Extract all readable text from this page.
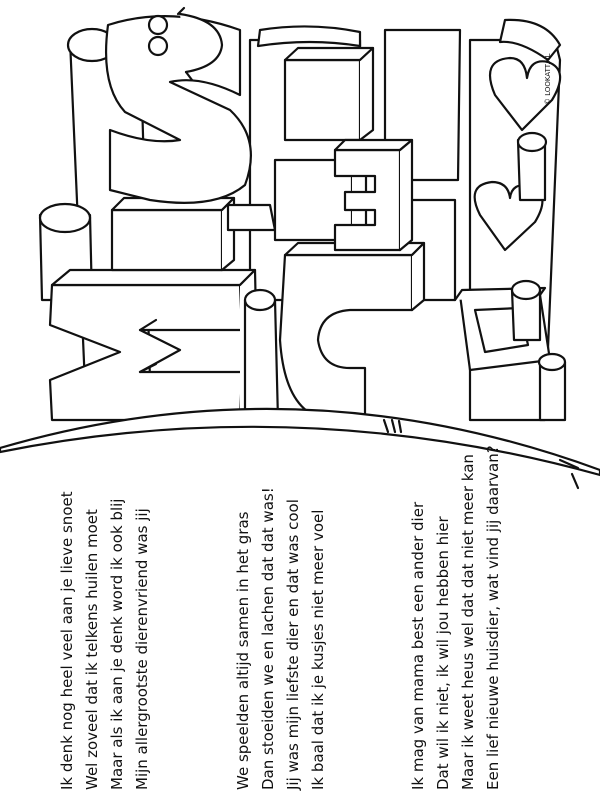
© LOOKATT.NL
Ik denk nog heel veel aan je lieve snoet Wel zoveel dat ik telkens huilen moet Maar als ik aan je denk word ik ook blij Mijn allergrootste dierenvriend was jij	We speelden altijd samen in het gras Dan stoeiden we en lachen dat dat was! Jij was mijn liefste dier en dat was cool Ik baal dat ik je kusjes niet meer voel	Ik mag van mama best een ander dier Dat wil ik niet, ik wil jou hebben hier Maar ik weet heus wel dat dat niet meer kan Een lief nieuwe huisdier, wat vind jij daarvan?
